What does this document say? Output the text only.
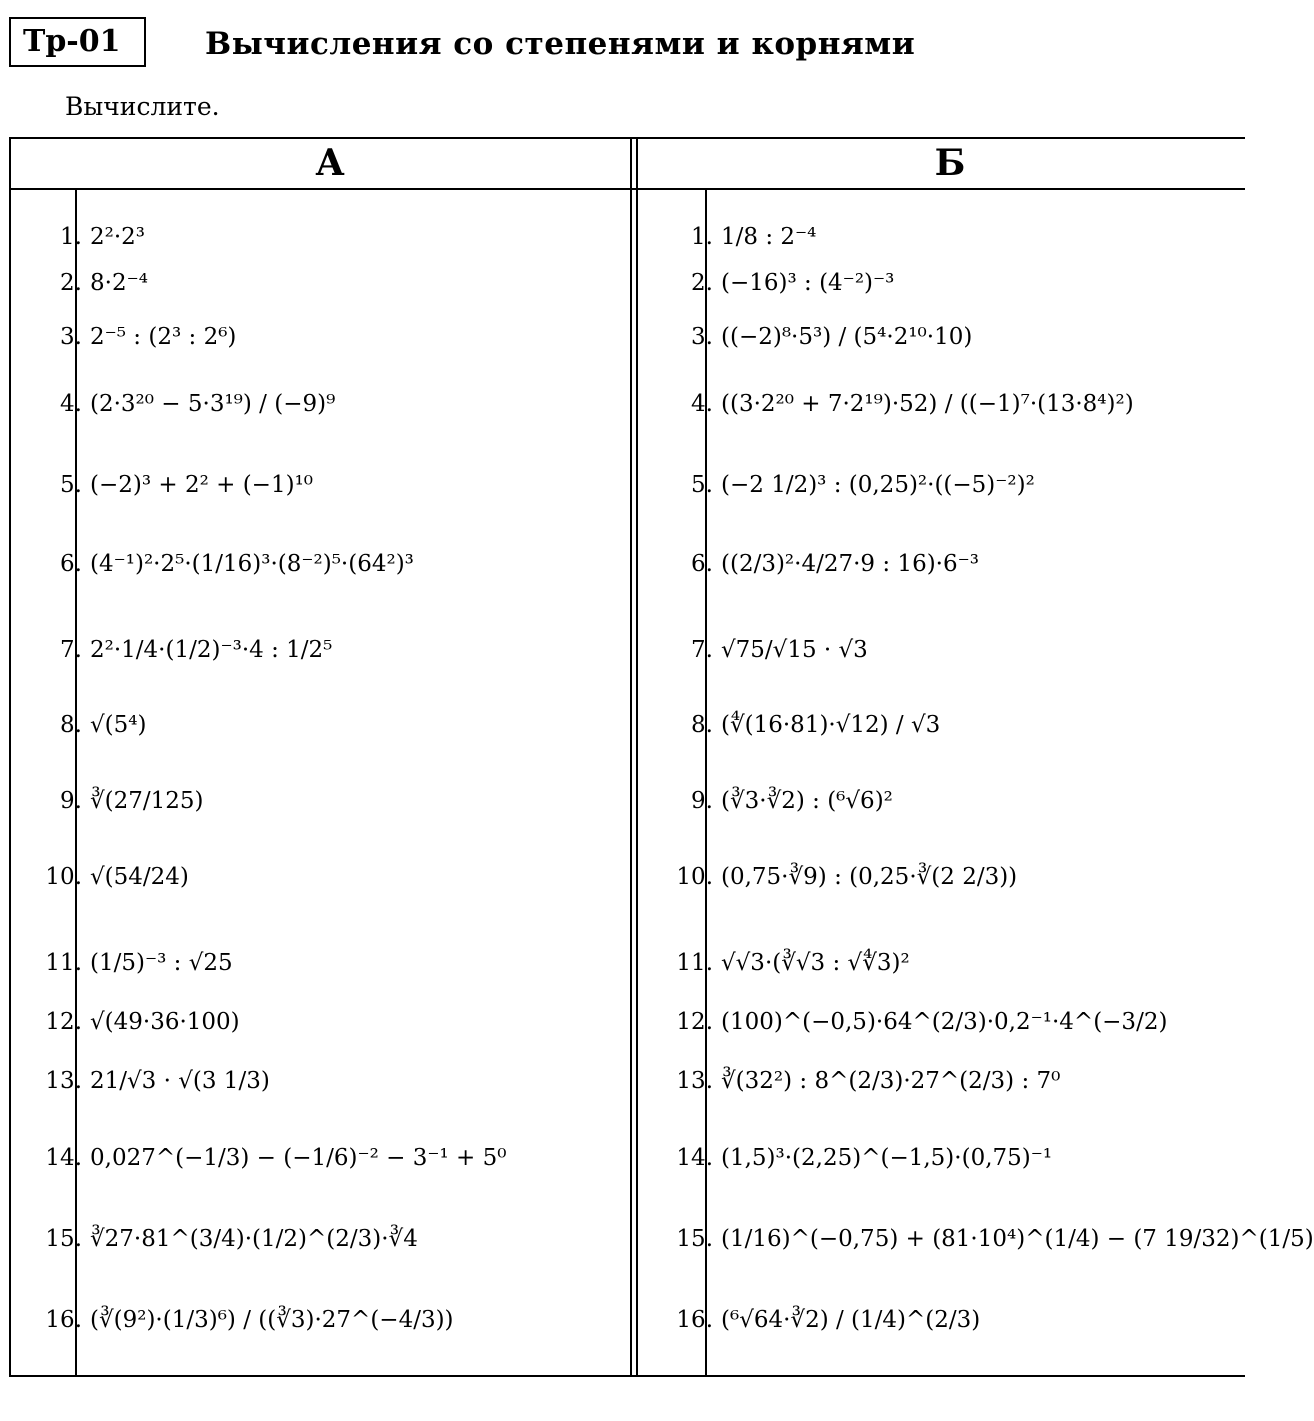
Тр-01	Вычисления со степенями и корнями
Вычислите.
А	Б
1. 2²·2³
2. 8·2⁻⁴
3. 2⁻⁵ : (2³ : 2⁶)
4. (2·3²⁰ − 5·3¹⁹) / (−9)⁹
5. (−2)³ + 2² + (−1)¹⁰
6. (4⁻¹)²·2⁵·(1/16)³·(8⁻²)⁵·(64²)³
7. 2²·1/4·(1/2)⁻³·4 : 1/2⁵
8. √(5⁴)
9. ∛(27/125)
10. √(54/24)
11. (1/5)⁻³ : √25
12. √(49·36·100)
13. 21/√3 · √(3 1/3)
14. 0,027^(−1/3) − (−1/6)⁻² − 3⁻¹ + 5⁰
15. ∛27·81^(3/4)·(1/2)^(2/3)·∛4
16. (∛(9²)·(1/3)⁶) / ((∛3)·27^(−4/3))
1. 1/8 : 2⁻⁴
2. (−16)³ : (4⁻²)⁻³
3. ((−2)⁸·5³) / (5⁴·2¹⁰·10)
4. ((3·2²⁰ + 7·2¹⁹)·52) / ((−1)⁷·(13·8⁴)²)
5. (−2 1/2)³ : (0,25)²·((−5)⁻²)²
6. ((2/3)²·4/27·9 : 16)·6⁻³
7. √75/√15 · √3
8. (∜(16·81)·√12) / √3
9. (∛3·∛2) : (⁶√6)²
10. (0,75·∛9) : (0,25·∛(2 2/3))
11. √√3·(∛√3 : √∜3)²
12. (100)^(−0,5)·64^(2/3)·0,2⁻¹·4^(−3/2)
13. ∛(32²) : 8^(2/3)·27^(2/3) : 7⁰
14. (1,5)³·(2,25)^(−1,5)·(0,75)⁻¹
15. (1/16)^(−0,75) + (81·10⁴)^(1/4) − (7 19/32)^(1/5)
16. (⁶√64·∛2) / (1/4)^(2/3)
